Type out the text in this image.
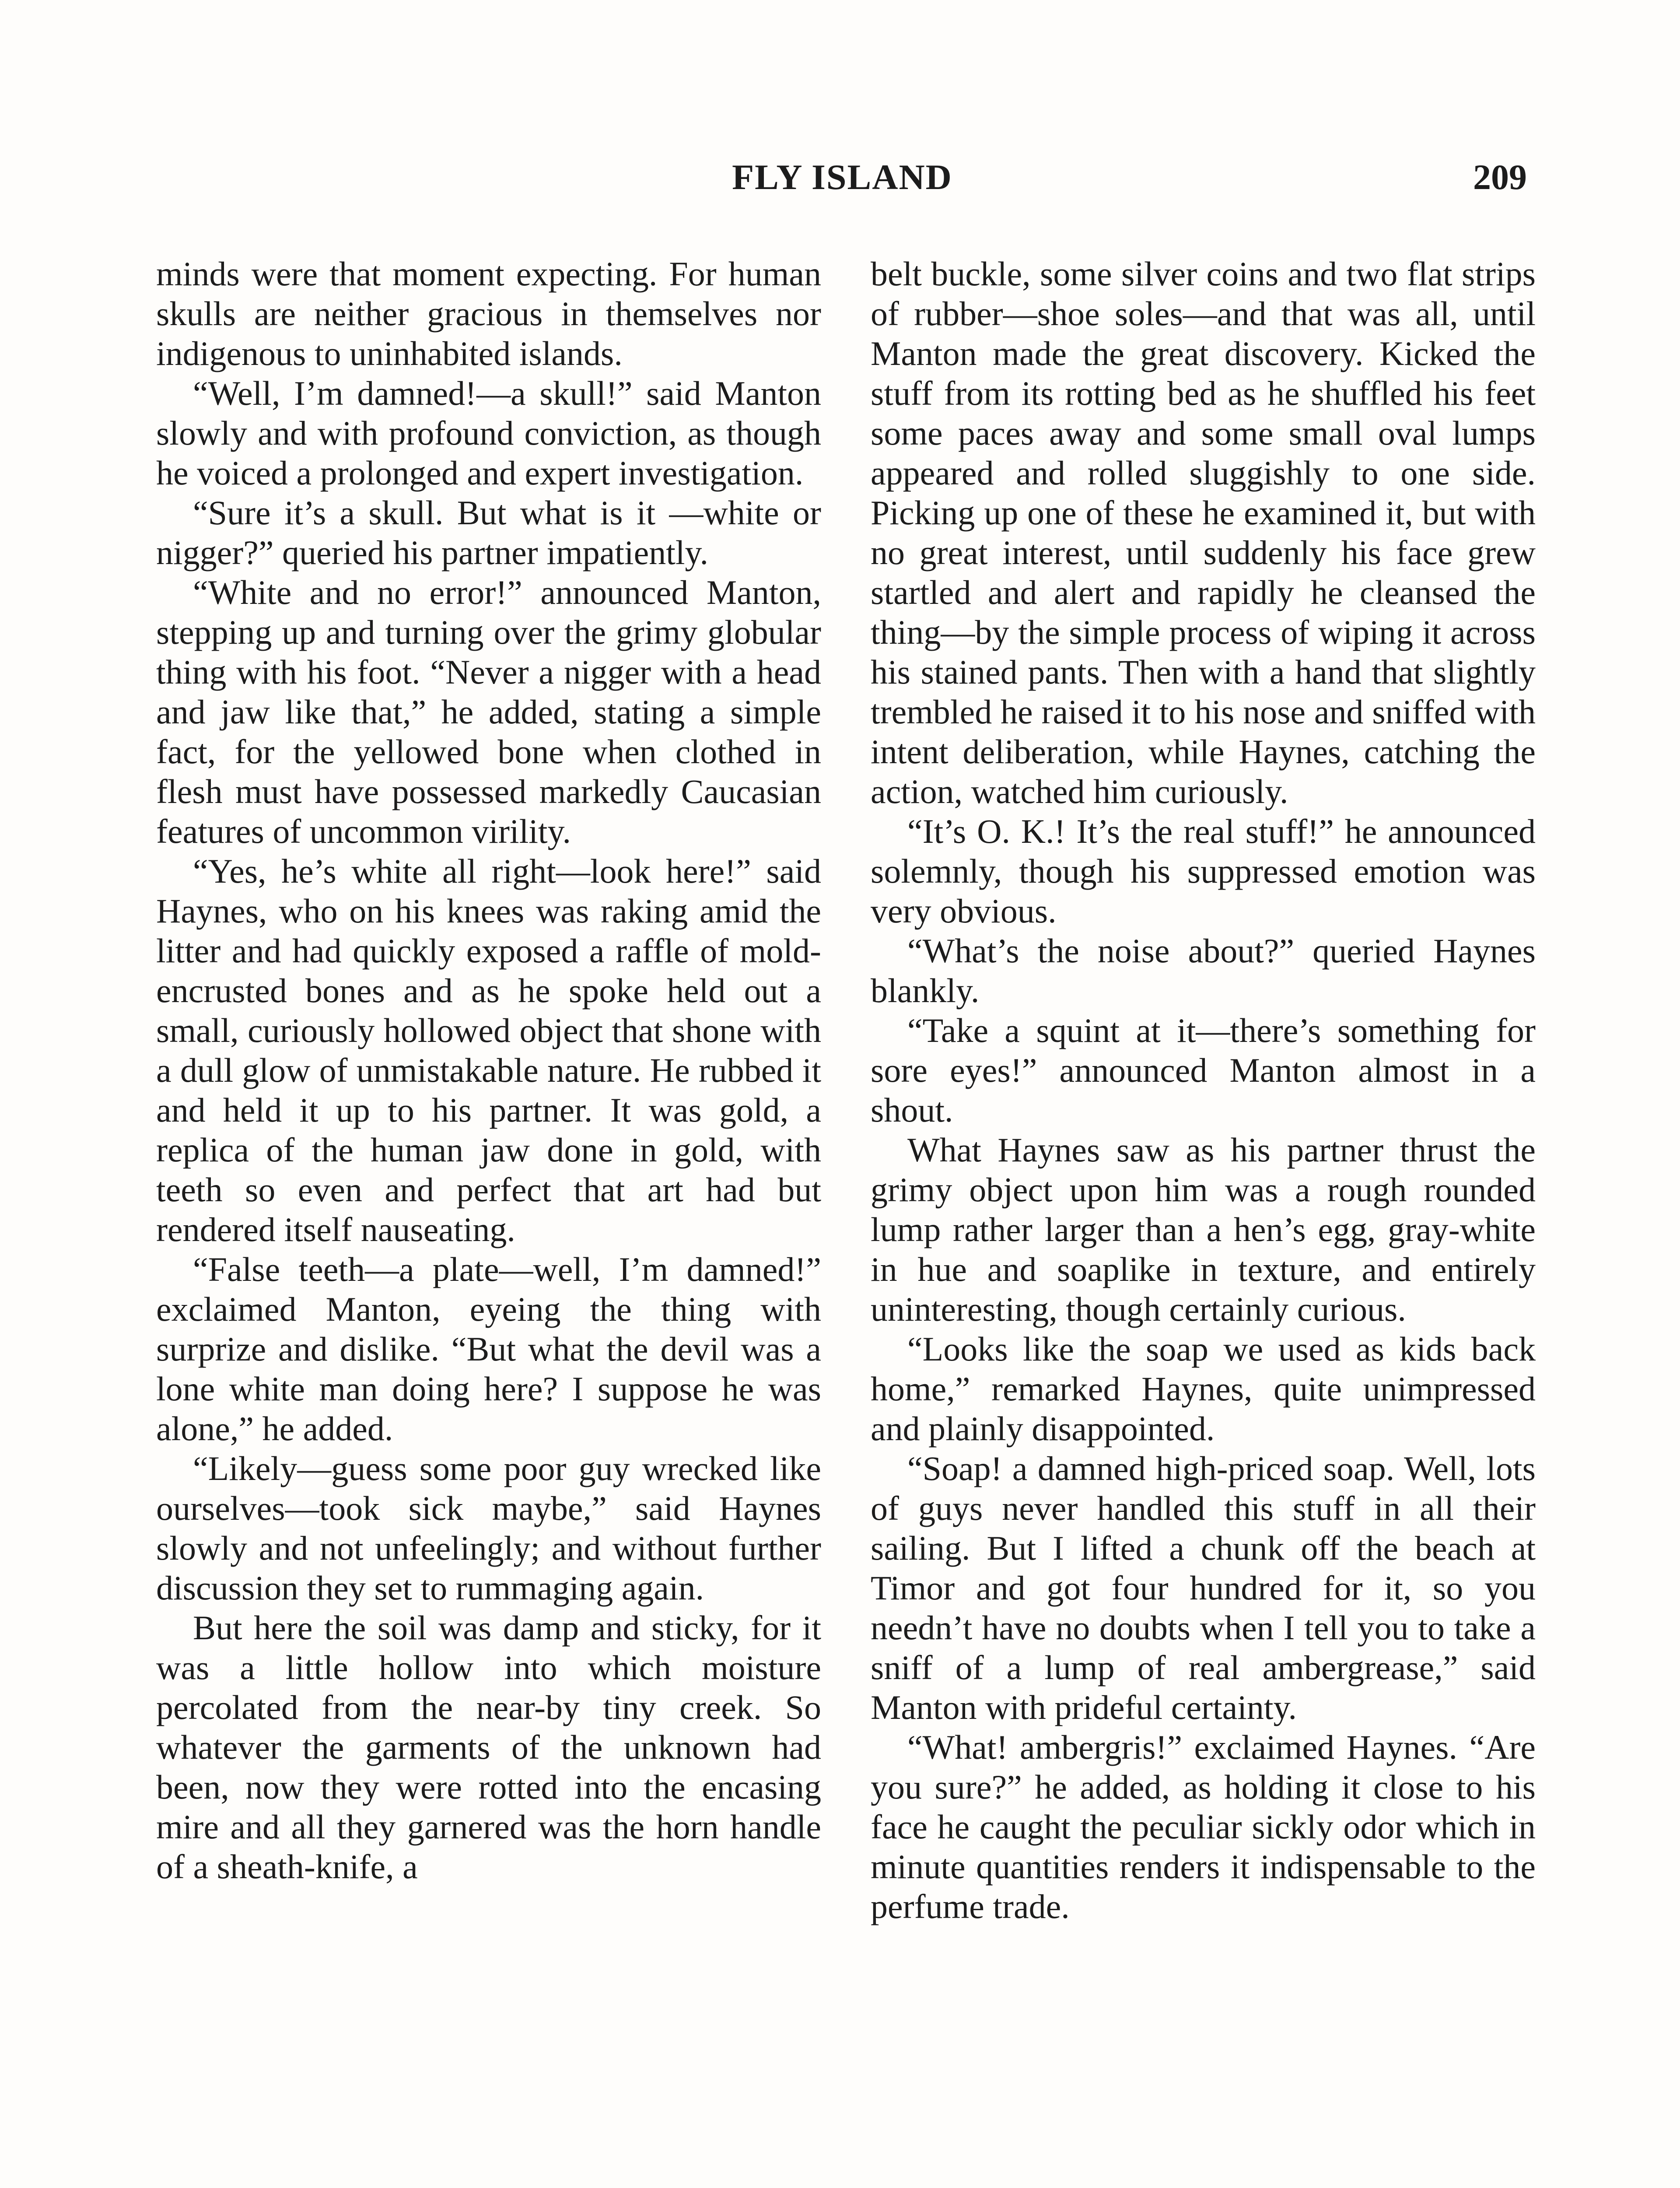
FLY ISLAND	209

minds were that moment expecting. For human skulls are neither gracious in themselves nor indigenous to uninhabited islands.

“Well, I’m damned!—a skull!” said Manton slowly and with profound conviction, as though he voiced a prolonged and expert investigation.

“Sure it’s a skull. But what is it —white or nigger?” queried his partner impatiently.

“White and no error!” announced Manton, stepping up and turning over the grimy globular thing with his foot. “Never a nigger with a head and jaw like that,” he added, stating a simple fact, for the yellowed bone when clothed in flesh must have possessed markedly Caucasian features of uncommon virility.

“Yes, he’s white all right—look here!” said Haynes, who on his knees was raking amid the litter and had quickly exposed a raffle of mold-encrusted bones and as he spoke held out a small, curiously hollowed object that shone with a dull glow of unmistakable nature. He rubbed it and held it up to his partner. It was gold, a replica of the human jaw done in gold, with teeth so even and perfect that art had but rendered itself nauseating.

“False teeth—a plate—well, I’m damned!” exclaimed Manton, eyeing the thing with surprize and dislike. “But what the devil was a lone white man doing here? I suppose he was alone,” he added.

“Likely—guess some poor guy wrecked like ourselves—took sick maybe,” said Haynes slowly and not unfeelingly; and without further discussion they set to rummaging again.

But here the soil was damp and sticky, for it was a little hollow into which moisture percolated from the near-by tiny creek. So whatever the garments of the unknown had been, now they were rotted into the encasing mire and all they garnered was the horn handle of a sheath-knife, a

belt buckle, some silver coins and two flat strips of rubber—shoe soles—and that was all, until Manton made the great discovery. Kicked the stuff from its rotting bed as he shuffled his feet some paces away and some small oval lumps appeared and rolled sluggishly to one side. Picking up one of these he examined it, but with no great interest, until suddenly his face grew startled and alert and rapidly he cleansed the thing—by the simple process of wiping it across his stained pants. Then with a hand that slightly trembled he raised it to his nose and sniffed with intent deliberation, while Haynes, catching the action, watched him curiously.

“It’s O. K.! It’s the real stuff!” he announced solemnly, though his suppressed emotion was very obvious.

“What’s the noise about?” queried Haynes blankly.

“Take a squint at it—there’s something for sore eyes!” announced Manton almost in a shout.

What Haynes saw as his partner thrust the grimy object upon him was a rough rounded lump rather larger than a hen’s egg, gray-white in hue and soaplike in texture, and entirely uninteresting, though certainly curious.

“Looks like the soap we used as kids back home,” remarked Haynes, quite unimpressed and plainly disappointed.

“Soap! a damned high-priced soap. Well, lots of guys never handled this stuff in all their sailing. But I lifted a chunk off the beach at Timor and got four hundred for it, so you needn’t have no doubts when I tell you to take a sniff of a lump of real ambergrease,” said Manton with prideful certainty.

“What! ambergris!” exclaimed Haynes. “Are you sure?” he added, as holding it close to his face he caught the peculiar sickly odor which in minute quantities renders it indispensable to the perfume trade.
